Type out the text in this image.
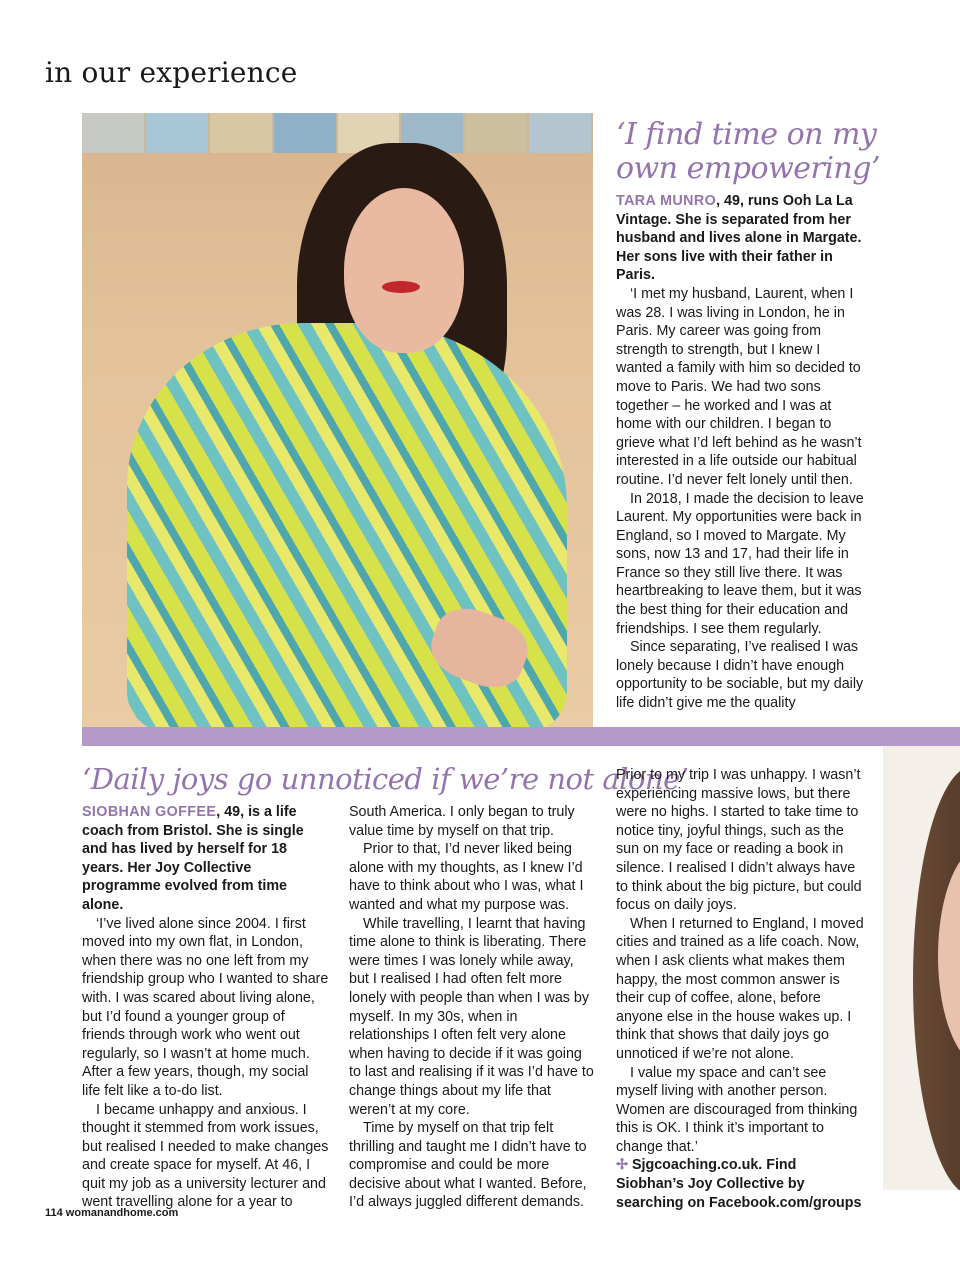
in our experience
‘I find time on my
own empowering’

TARA MUNRO, 49, runs Ooh La La Vintage. She is separated from her husband and lives alone in Margate. Her sons live with their father in Paris.

‘I met my husband, Laurent, when I was 28. I was living in London, he in Paris. My career was going from strength to strength, but I knew I wanted a family with him so decided to move to Paris. We had two sons together – he worked and I was at home with our children. I began to grieve what I’d left behind as he wasn’t interested in a life outside our habitual routine. I’d never felt lonely until then.

In 2018, I made the decision to leave Laurent. My opportunities were back in England, so I moved to Margate. My sons, now 13 and 17, had their life in France so they still live there. It was heartbreaking to leave them, but it was the best thing for their education and friendships. I see them regularly.

Since separating, I’ve realised I was lonely because I didn’t have enough opportunity to be sociable, but my daily life didn’t give me the quality

‘Daily joys go unnoticed if we’re not alone’

SIOBHAN GOFFEE, 49, is a life coach from Bristol. She is single and has lived by herself for 18 years. Her Joy Collective programme evolved from time alone.

‘I’ve lived alone since 2004. I first moved into my own flat, in London, when there was no one left from my friendship group who I wanted to share with. I was scared about living alone, but I’d found a younger group of friends through work who went out regularly, so I wasn’t at home much. After a few years, though, my social life felt like a to-do list.

I became unhappy and anxious. I thought it stemmed from work issues, but realised I needed to make changes and create space for myself. At 46, I quit my job as a university lecturer and went travelling alone for a year to

South America. I only began to truly value time by myself on that trip.

Prior to that, I’d never liked being alone with my thoughts, as I knew I’d have to think about who I was, what I wanted and what my purpose was.

While travelling, I learnt that having time alone to think is liberating. There were times I was lonely while away, but I realised I had often felt more lonely with people than when I was by myself. In my 30s, when in relationships I often felt very alone when having to decide if it was going to last and realising if it was I’d have to change things about my life that weren’t at my core.

Time by myself on that trip felt thrilling and taught me I didn’t have to compromise and could be more decisive about what I wanted. Before, I’d always juggled different demands.

Prior to my trip I was unhappy. I wasn’t experiencing massive lows, but there were no highs. I started to take time to notice tiny, joyful things, such as the sun on my face or reading a book in silence. I realised I didn’t always have to think about the big picture, but could focus on daily joys.

When I returned to England, I moved cities and trained as a life coach. Now, when I ask clients what makes them happy, the most common answer is their cup of coffee, alone, before anyone else in the house wakes up. I think that shows that daily joys go unnoticed if we’re not alone.

I value my space and can’t see myself living with another person. Women are discouraged from thinking this is OK. I think it’s important to change that.’

✢ Sjgcoaching.co.uk. Find Siobhan’s Joy Collective by searching on Facebook.com/groups

114 womanandhome.com
